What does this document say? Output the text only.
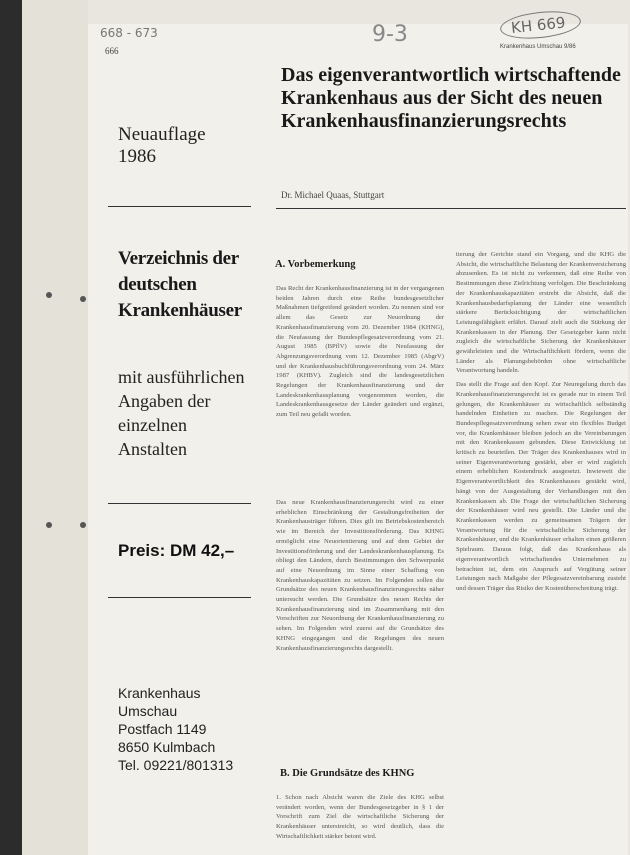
668 - 673	9-3	KH 669
666	Krankenhaus Umschau 9/86
Neuauflage 1986
Verzeichnis der deutschen Krankenhäuser
mit ausführlichen Angaben der einzelnen Anstalten
Preis: DM 42,–
Krankenhaus
Umschau
Postfach 1149
8650 Kulmbach
Tel. 09221/801313
Das eigenverantwortlich wirtschaftende Krankenhaus aus der Sicht des neuen Krankenhausfinanzierungsrechts
Dr. Michael Quaas, Stuttgart
A. Vorbemerkung

Das Recht der Krankenhausfinanzierung ist in der vergangenen beiden Jahren durch eine Reihe bundesgesetzlicher Maßnahmen tiefgreifend geändert worden. Zu nennen sind vor allem das Gesetz zur Neuordnung der Krankenhausfinanzierung vom 20. Dezember 1984 (KHNG), die Neufassung der Bundespflegesatzverordnung vom 21. August 1985 (BPflV) sowie die Neufassung der Abgrenzungsverordnung vom 12. Dezember 1985 (AbgrV) und der Krankenhausbuchführungsverordnung vom 24. März 1987 (KHBV). Zugleich sind die landesgesetzlichen Regelungen der Krankenhausfinanzierung und der Landeskrankenhausplanung vorgenommen worden, die Landeskrankenhausgesetze der Länder geändert und ergänzt, zum Teil neu gefaßt worden.

Das neue Krankenhausfinanzierungsrecht wird zu einer erheblichen Einschränkung der Gestaltungsfreiheiten der Krankenhausträger führen. Dies gilt im Betriebskostenbereich wie im Bereich der Investitionsförderung. Das KHNG ermöglicht eine Neuorientierung und auf dem Gebiet der Investitionsförderung und der Landeskrankenhausplanung. Es obliegt den Ländern, durch Bestimmungen den Schwerpunkt auf eine Neuordnung im Sinne einer Schaffung von Krankenhauskapazitäten zu setzen. Im Folgenden sollen die Grundsätze des neuen Krankenhausfinanzierungsrechts näher untersucht werden. Die Grundsätze des neuen Rechts der Krankenhausfinanzierung sind im Zusammenhang mit den Vorschriften zur Neuordnung der Krankenhausfinanzierung zu sehen. Im Folgenden wird zuerst auf die Grundsätze des KHNG eingegangen und die Regelungen des neuen Krankenhausfinanzierungsrechts dargestellt.

B. Die Grundsätze des KHNG

1. Schon nach Absicht waren die Ziele des KHG selbst verändert worden, wenn der Bundesgesetzgeber in § 1 der Vorschrift zum Ziel die wirtschaftliche Sicherung der Krankenhäuser unterstreicht, so wird deutlich, dass die Wirtschaftlichkeit stärker betont wird.

tierung der Gerichte stand ein Vorgang, und die KHG die Absicht, die wirtschaftliche Belastung der Krankenversicherung abzusenken. Es ist nicht zu verkennen, daß eine Reihe von Bestimmungen diese Zielrichtung verfolgen. Die Beschränkung der Krankenhauskapazitäten erstrebt die Absicht, daß die Krankenhausbedarfsplanung der Länder eine wesentlich stärkere Berücksichtigung der wirtschaftlichen Leistungsfähigkeit erfährt. Darauf zielt auch die Stärkung der Krankenkassen in der Planung. Der Gesetzgeber kann nicht zugleich die wirtschaftliche Sicherung der Krankenhäuser gewährleisten und die Wirtschaftlichkeit fördern, wenn die Länder als Planungsbehörden ohne wirtschaftliche Verantwortung handeln.

Das stellt die Frage auf den Kopf. Zur Neuregelung durch das Krankenhausfinanzierungsrecht ist es gerade nur in einem Teil gelungen, die Krankenhäuser zu wirtschaftlich selbständig handelnden Einheiten zu machen. Die Regelungen der Bundespflegesatzverordnung sehen zwar ein flexibles Budget vor, die Krankenhäuser bleiben jedoch an die Vereinbarungen mit den Krankenkassen gebunden. Diese Entwicklung ist kritisch zu beurteilen. Der Träger des Krankenhauses wird in seiner Eigenverantwortung gestärkt, aber er wird zugleich einem erheblichen Kostendruck ausgesetzt. Inwieweit die Eigenverantwortlichkeit des Krankenhauses gestärkt wird, hängt von der Ausgestaltung der Verhandlungen mit den Krankenkassen ab. Die Frage der wirtschaftlichen Sicherung der Krankenhäuser wird neu gestellt. Die Länder und die Krankenkassen werden zu gemeinsamen Trägern der Verantwortung für die wirtschaftliche Sicherung der Krankenhäuser, und die Krankenhäuser erhalten einen größeren Spielraum. Daraus folgt, daß das Krankenhaus als eigenverantwortlich wirtschaftendes Unternehmen zu betrachten ist, dem ein Anspruch auf Vergütung seiner Leistungen nach Maßgabe der Pflegesatzvereinbarung zusteht und dessen Träger das Risiko der Kostenüberschreitung trägt.
